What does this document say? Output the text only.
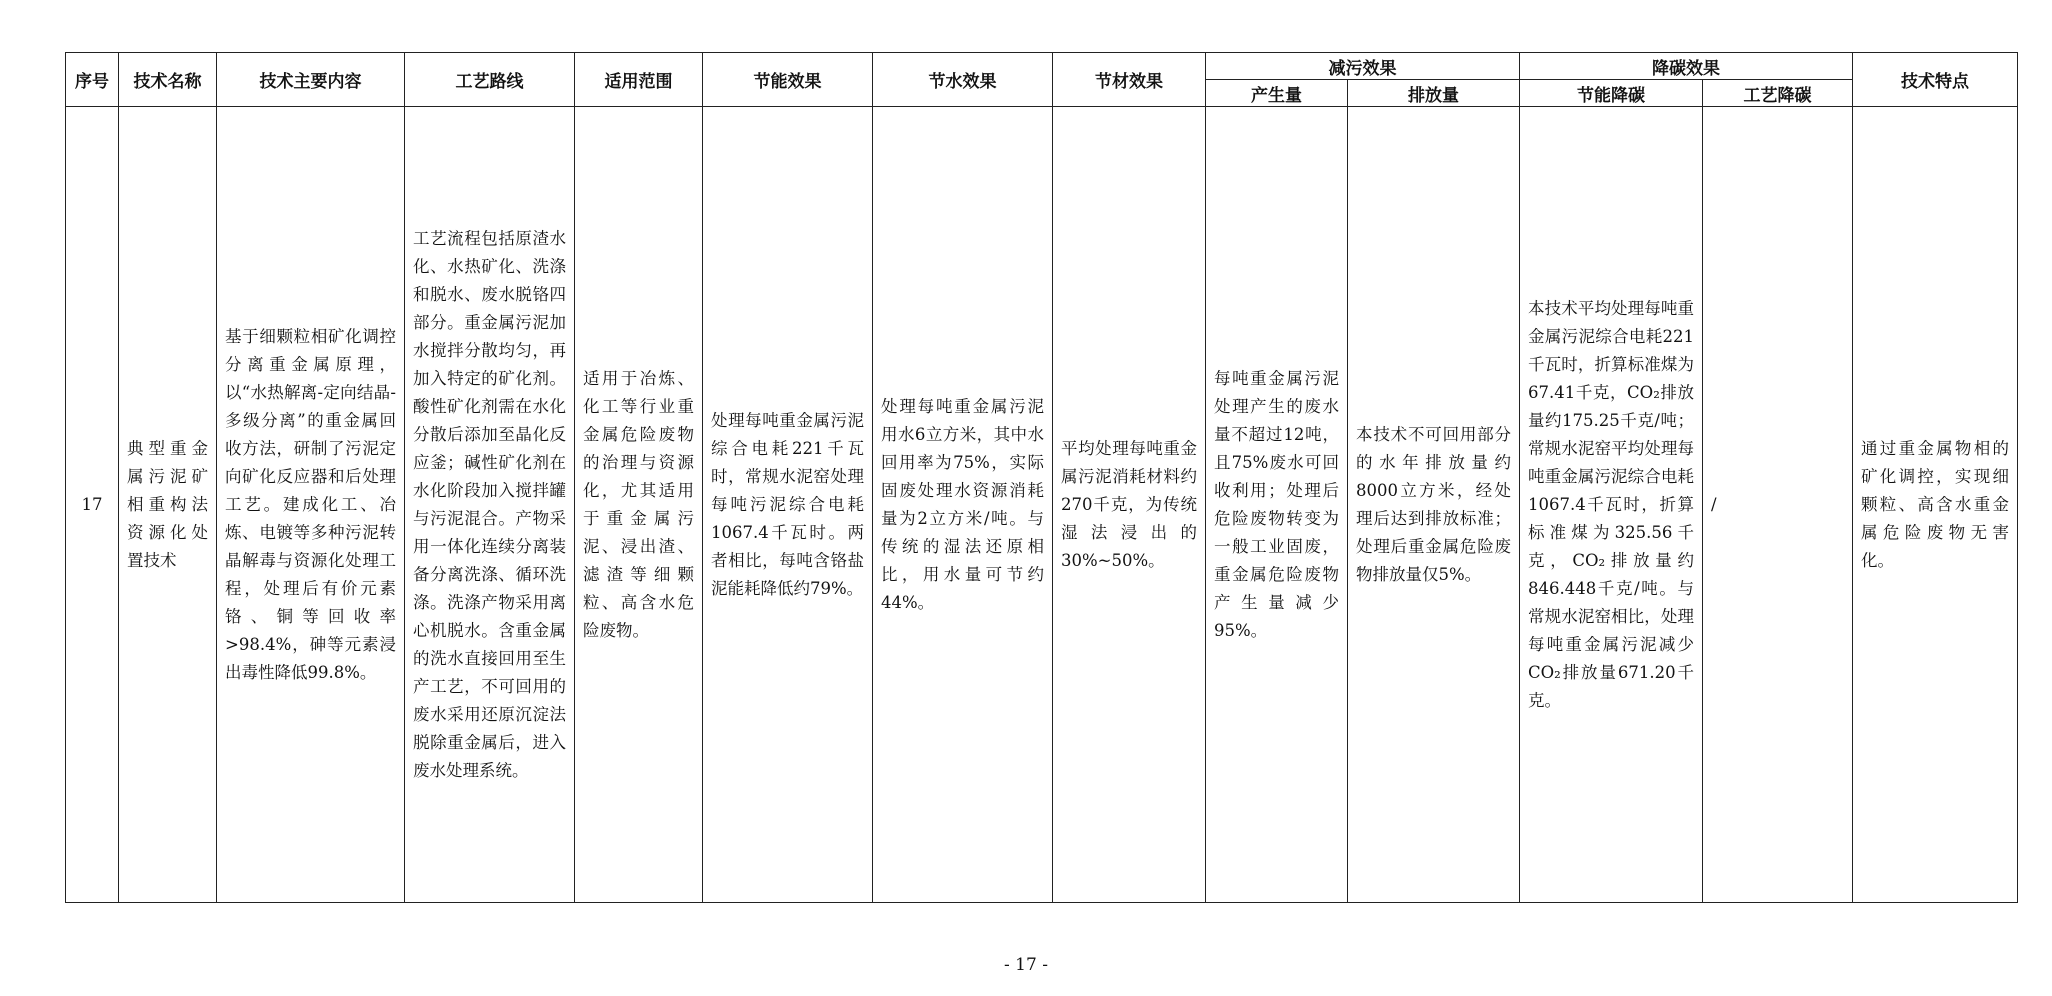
序号	技术名称	技术主要内容	工艺路线	适用范围	节能效果	节水效果	节材效果	减污效果		降碳效果		技术特点
								产生量	排放量	节能降碳	工艺降碳	
17	典型重金属污泥矿相重构法资源化处置技术	基于细颗粒相矿化调控分离重金属原理，以“水热解离-定向结晶-多级分离”的重金属回收方法，研制了污泥定向矿化反应器和后处理工艺。建成化工、冶炼、电镀等多种污泥转晶解毒与资源化处理工程，处理后有价元素铬、铜等回收率>98.4%，砷等元素浸出毒性降低99.8%。	工艺流程包括原渣水化、水热矿化、洗涤和脱水、废水脱铬四部分。重金属污泥加水搅拌分散均匀，再加入特定的矿化剂。酸性矿化剂需在水化分散后添加至晶化反应釜；碱性矿化剂在水化阶段加入搅拌罐与污泥混合。产物采用一体化连续分离装备分离洗涤、循环洗涤。洗涤产物采用离心机脱水。含重金属的洗水直接回用至生产工艺，不可回用的废水采用还原沉淀法脱除重金属后，进入废水处理系统。	适用于冶炼、化工等行业重金属危险废物的治理与资源化，尤其适用于重金属污泥、浸出渣、滤渣等细颗粒、高含水危险废物。	处理每吨重金属污泥综合电耗221千瓦时，常规水泥窑处理每吨污泥综合电耗1067.4千瓦时。两者相比，每吨含铬盐泥能耗降低约79%。	处理每吨重金属污泥用水6立方米，其中水回用率为75%，实际固废处理水资源消耗量为2立方米/吨。与传统的湿法还原相比，用水量可节约44%。	平均处理每吨重金属污泥消耗材料约270千克，为传统湿法浸出的30%~50%。	每吨重金属污泥处理产生的废水量不超过12吨，且75%废水可回收利用；处理后危险废物转变为一般工业固废，重金属危险废物产生量减少95%。	本技术不可回用部分的水年排放量约8000立方米，经处理后达到排放标准；处理后重金属危险废物排放量仅5%。	本技术平均处理每吨重金属污泥综合电耗221千瓦时，折算标准煤为67.41千克，CO₂排放量约175.25千克/吨；常规水泥窑平均处理每吨重金属污泥综合电耗1067.4千瓦时，折算标准煤为325.56千克，CO₂排放量约846.448千克/吨。与常规水泥窑相比，处理每吨重金属污泥减少CO₂排放量671.20千克。	/	通过重金属物相的矿化调控，实现细颗粒、高含水重金属危险废物无害化。
- 17 -
